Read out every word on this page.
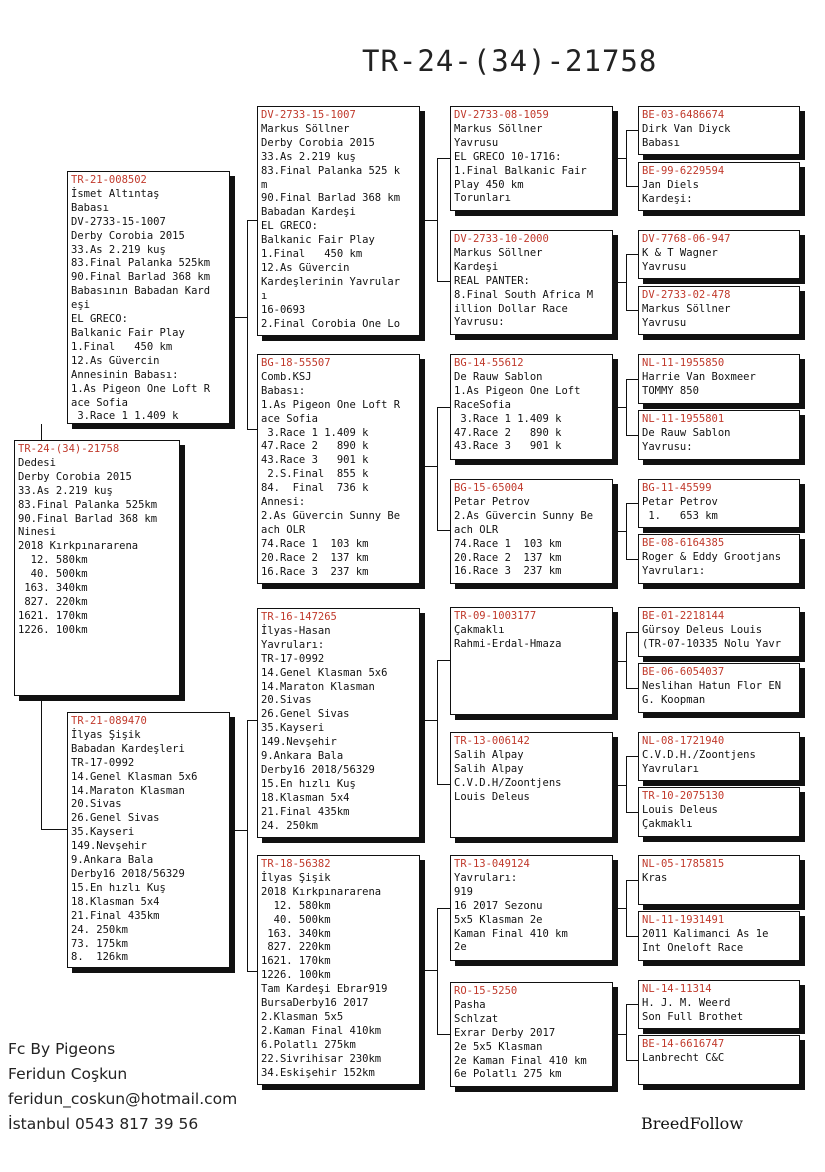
TR-24-(34)-21758
TR-24-(34)-21758
Dedesi
Derby Corobia 2015
33.As 2.219 kuş
83.Final Palanka 525km
90.Final Barlad 368 km
Ninesi
2018 Kırkpınararena
12. 580km
40. 500km
163. 340km
827. 220km
1621. 170km
1226. 100km
TR-21-008502
İsmet Altıntaş
Babası
DV-2733-15-1007
Derby Corobia 2015
33.As 2.219 kuş
83.Final Palanka 525km
90.Final Barlad 368 km
Babasının Babadan Kard
eşi
EL GRECO:
Balkanic Fair Play
1.Final   450 km
12.As Güvercin
Annesinin Babası:
1.As Pigeon One Loft R
ace Sofia
3.Race 1 1.409 k
TR-21-089470
İlyas Şişik
Babadan Kardeşleri
TR-17-0992
14.Genel Klasman 5x6
14.Maraton Klasman
20.Sivas
26.Genel Sivas
35.Kayseri
149.Nevşehir
9.Ankara Bala
Derby16 2018/56329
15.En hızlı Kuş
18.Klasman 5x4
21.Final 435km
24. 250km
73. 175km
8.  126km
DV-2733-15-1007
Markus Söllner
Derby Corobia 2015
33.As 2.219 kuş
83.Final Palanka 525 k
m
90.Final Barlad 368 km
Babadan Kardeşi
EL GRECO:
Balkanic Fair Play
1.Final   450 km
12.As Güvercin
Kardeşlerinin Yavrular
ı
16-0693
2.Final Corobia One Lo
BG-18-55507
Comb.KSJ
Babası:
1.As Pigeon One Loft R
ace Sofia
3.Race 1 1.409 k
47.Race 2   890 k
43.Race 3   901 k
2.S.Final  855 k
84.  Final  736 k
Annesi:
2.As Güvercin Sunny Be
ach OLR
74.Race 1  103 km
20.Race 2  137 km
16.Race 3  237 km
TR-16-147265
İlyas-Hasan
Yavruları:
TR-17-0992
14.Genel Klasman 5x6
14.Maraton Klasman
20.Sivas
26.Genel Sivas
35.Kayseri
149.Nevşehir
9.Ankara Bala
Derby16 2018/56329
15.En hızlı Kuş
18.Klasman 5x4
21.Final 435km
24. 250km
TR-18-56382
İlyas Şişik
2018 Kırkpınararena
12. 580km
40. 500km
163. 340km
827. 220km
1621. 170km
1226. 100km
Tam Kardeşi Ebrar919
BursaDerby16 2017
2.Klasman 5x5
2.Kaman Final 410km
6.Polatlı 275km
22.Sivrihisar 230km
34.Eskişehir 152km
DV-2733-08-1059
Markus Söllner
Yavrusu
EL GRECO 10-1716:
1.Final Balkanic Fair
Play 450 km
Torunları
DV-2733-10-2000
Markus Söllner
Kardeşi
REAL PANTER:
8.Final South Africa M
illion Dollar Race
Yavrusu:
BG-14-55612
De Rauw Sablon
1.As Pigeon One Loft
RaceSofia
3.Race 1 1.409 k
47.Race 2   890 k
43.Race 3   901 k
BG-15-65004
Petar Petrov
2.As Güvercin Sunny Be
ach OLR
74.Race 1  103 km
20.Race 2  137 km
16.Race 3  237 km
TR-09-1003177
Çakmaklı
Rahmi-Erdal-Hmaza
TR-13-006142
Salih Alpay
Salih Alpay
C.V.D.H/Zoontjens
Louis Deleus
TR-13-049124
Yavruları:
919
16 2017 Sezonu
5x5 Klasman 2e
Kaman Final 410 km
2e
RO-15-5250
Pasha
Schlzat
Exrar Derby 2017
2e 5x5 Klasman
2e Kaman Final 410 km
6e Polatlı 275 km
BE-03-6486674
Dirk Van Diyck
Babası
BE-99-6229594
Jan Diels
Kardeşi:
DV-7768-06-947
K & T Wagner
Yavrusu
DV-2733-02-478
Markus Söllner
Yavrusu
NL-11-1955850
Harrie Van Boxmeer
TOMMY 850
NL-11-1955801
De Rauw Sablon
Yavrusu:
BG-11-45599
Petar Petrov
1.   653 km
BE-08-6164385
Roger & Eddy Grootjans
Yavruları:
BE-01-2218144
Gürsoy Deleus Louis
(TR-07-10335 Nolu Yavr
BE-06-6054037
Neslihan Hatun Flor EN
G. Koopman
NL-08-1721940
C.V.D.H./Zoontjens
Yavruları
TR-10-2075130
Louis Deleus
Çakmaklı
NL-05-1785815
Kras
NL-11-1931491
2011 Kalimanci As 1e
Int Oneloft Race
NL-14-11314
H. J. M. Weerd
Son Full Brothet
BE-14-6616747
Lanbrecht C&C
Fc By Pigeons
Feridun Coşkun
feridun_coskun@hotmail.com
İstanbul 0543 817 39 56	BreedFollow
